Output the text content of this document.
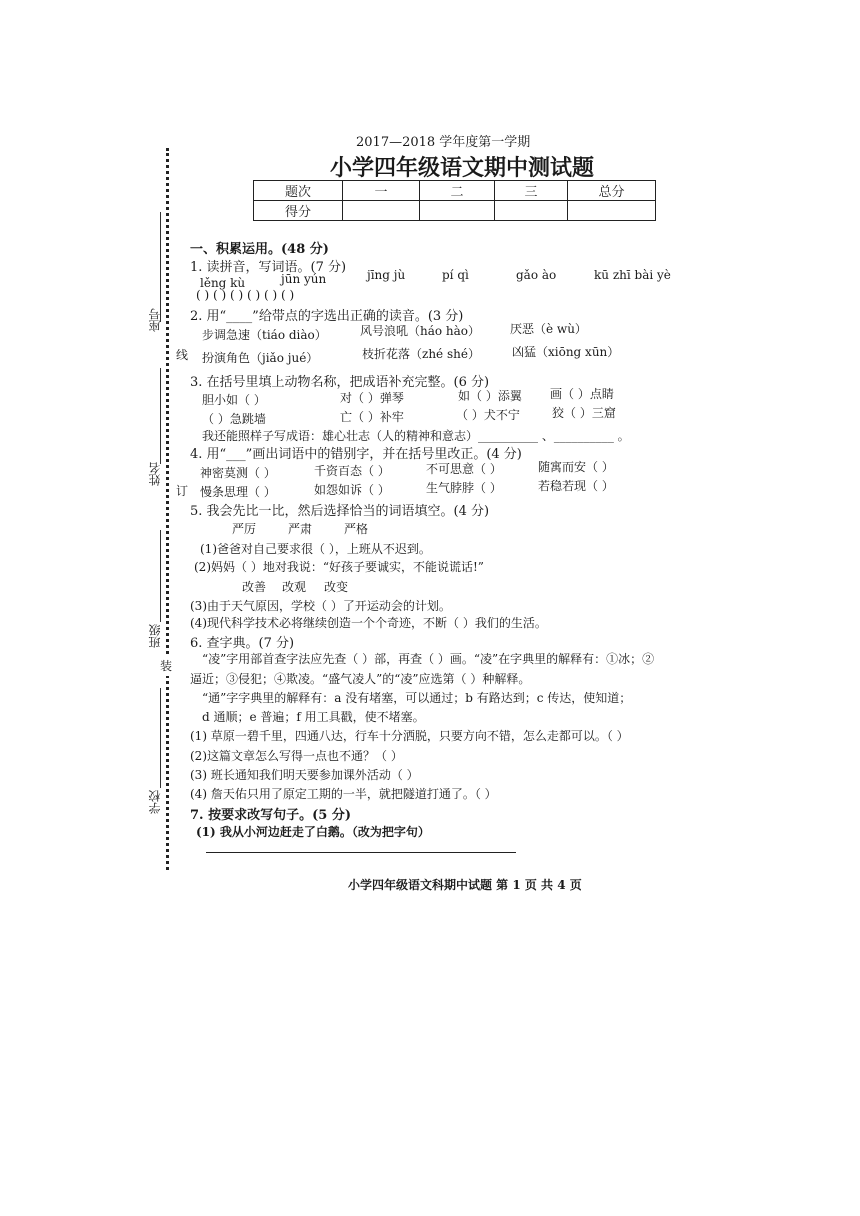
线
订
装
座号
姓名
班级
学校
2017—2018 学年度第一学期
小学四年级语文期中测试题
题次	一	二	三	总分
得分				
一、积累运用。(48 分)
1. 读拼音，写词语。(7 分)
lěng kù	jūn yún	jīng jù	pí qì	gǎo ào	kū zhī bài yè
( ) ( ) ( ) ( ) ( ) ( )
2. 用“____”给带点的字选出正确的读音。(3 分)
步调急速（tiáo diào）	风号浪吼（háo hào） 厌恶（è wù）
扮演角色（jiǎo jué）	枝折花落（zhé shé）	凶猛（xiōng xūn）
3. 在括号里填上动物名称，把成语补充完整。(6 分)
胆小如（ ）	对（ ）弹琴	如（ ）添翼 画（ ）点睛
（ ）急跳墙	亡（ ）补牢	（ ）犬不宁	狡（ ）三窟
我还能照样子写成语：雄心壮志（人的精神和意志）__________ 、__________ 。
4. 用“___”画出词语中的错别字，并在括号里改正。(4 分)
神密莫测（ ）	千资百态（ ）	不可思意（ ）	随寓而安（ ）
慢条思理（ ）	如怨如诉（ ）	生气脖脖（ ）	若稳若现（ ）
5. 我会先比一比，然后选择恰当的词语填空。(4 分)
严厉	严肃	严格
(1)爸爸对自己要求很（ ），上班从不迟到。
(2)妈妈（ ）地对我说：“好孩子要诚实，不能说谎话!”
改善 改观 改变
(3)由于天气原因，学校（ ）了开运动会的计划。
(4)现代科学技术必将继续创造一个个奇迹，不断（ ）我们的生活。
6. 查字典。(7 分)
“凌”字用部首查字法应先查（ ）部，再查（ ）画。“凌”在字典里的解释有：①冰；②
逼近；③侵犯；④欺凌。“盛气凌人”的“凌”应选第（ ）种解释。
“通”字字典里的解释有：a 没有堵塞，可以通过；b 有路达到；c 传达，使知道；
d 通顺；e 普遍；f 用工具戳，使不堵塞。
(1) 草原一碧千里，四通八达，行车十分洒脱，只要方向不错，怎么走都可以。（ ）
(2)这篇文章怎么写得一点也不通？（ ）
(3) 班长通知我们明天要参加课外活动（ ）
(4) 詹天佑只用了原定工期的一半，就把隧道打通了。（ ）
7. 按要求改写句子。(5 分)
(1) 我从小河边赶走了白鹅。（改为把字句）
小学四年级语文科期中试题 第 1 页 共 4 页
